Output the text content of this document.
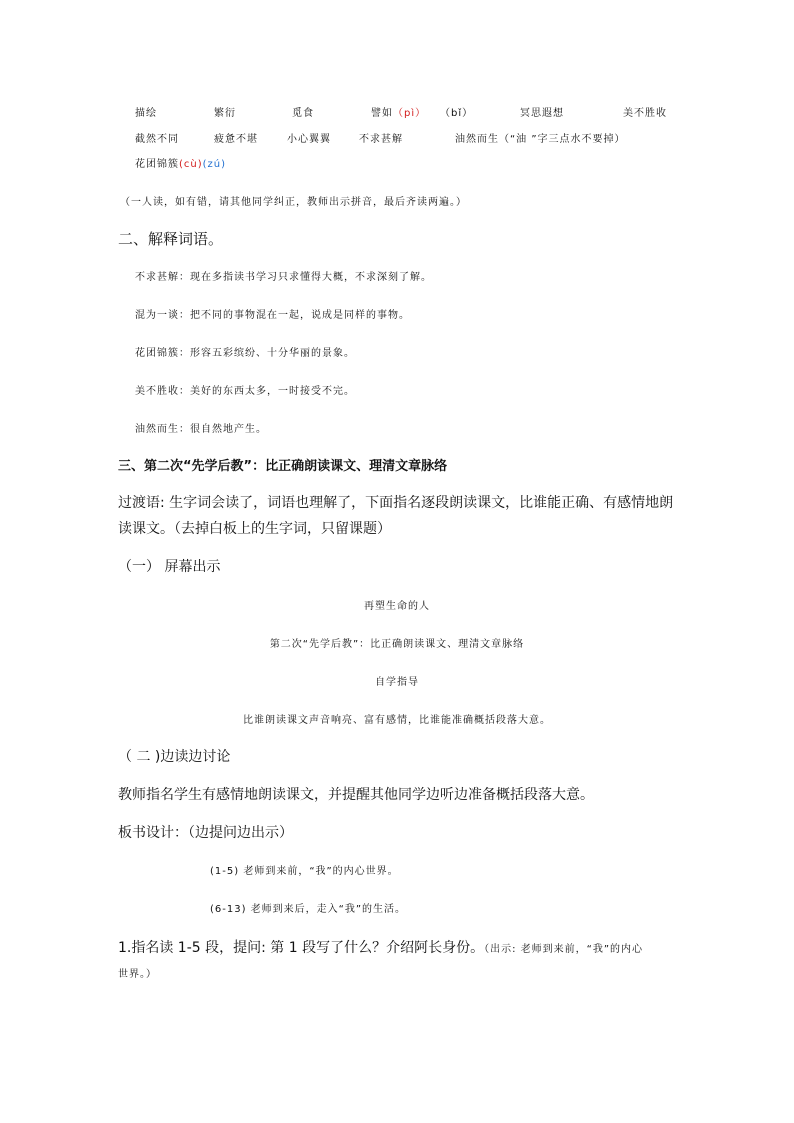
描绘	繁衍	觅食	譬如（pì） （bǐ）	冥思遐想	美不胜收
截然不同	疲惫不堪	小心翼翼	不求甚解	油然而生（“油 ”字三点水不要掉）
花团锦簇(cù)(zú)
（一人读，如有错，请其他同学纠正，教师出示拼音，最后齐读两遍。）
二、解释词语。
不求甚解：现在多指读书学习只求懂得大概，不求深刻了解。
混为一谈：把不同的事物混在一起，说成是同样的事物。
花团锦簇：形容五彩缤纷、十分华丽的景象。
美不胜收：美好的东西太多，一时接受不完。
油然而生：很自然地产生。
三、第二次“先学后教”：比正确朗读课文、理清文章脉络
过渡语: 生字词会读了，词语也理解了，下面指名逐段朗读课文，比谁能正确、有感情地朗
读课文。（去掉白板上的生字词，只留课题）
（一） 屏幕出示
再塑生命的人
第二次“先学后教”：比正确朗读课文、理清文章脉络
自学指导
比谁朗读课文声音响亮、富有感情，比谁能准确概括段落大意。
（ 二 )边读边讨论
教师指名学生有感情地朗读课文，并提醒其他同学边听边准备概括段落大意。
板书设计：（边提问边出示）
(1-5) 老师到来前，“我”的内心世界。
(6-13) 老师到来后，走入“我”的生活。
1.指名读 1-5 段，提问: 第 1 段写了什么？介绍阿长身份。（出示: 老师到来前，“我”的内心
世界。）
